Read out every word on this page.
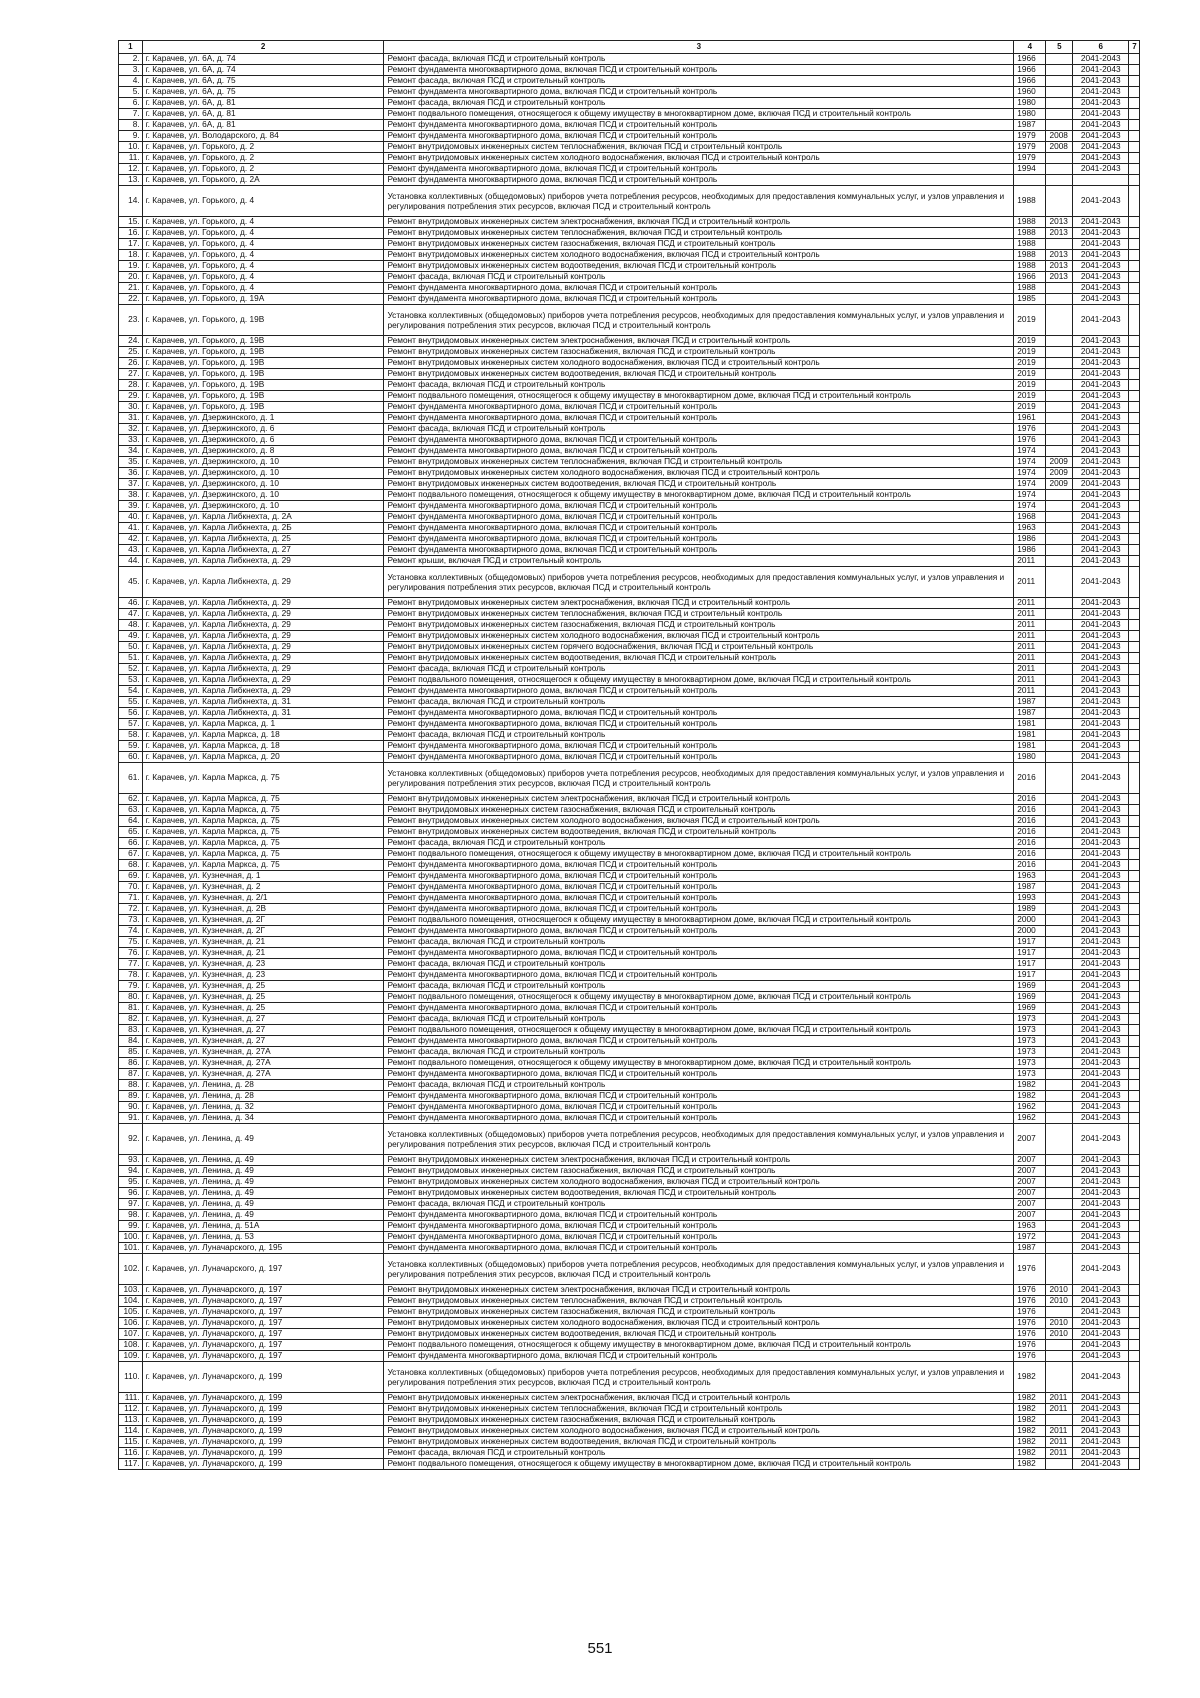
1	2	3	4	5	6	7
2.	г. Карачев, ул. 6А, д. 74	Ремонт фасада, включая ПСД и строительный контроль	1966		2041-2043	
3.	г. Карачев, ул. 6А, д. 74	Ремонт фундамента многоквартирного дома, включая ПСД и строительный контроль	1966		2041-2043	
4.	г. Карачев, ул. 6А, д. 75	Ремонт фасада, включая ПСД и строительный контроль	1966		2041-2043	
5.	г. Карачев, ул. 6А, д. 75	Ремонт фундамента многоквартирного дома, включая ПСД и строительный контроль	1960		2041-2043	
6.	г. Карачев, ул. 6А, д. 81	Ремонт фасада, включая ПСД и строительный контроль	1980		2041-2043	
7.	г. Карачев, ул. 6А, д. 81	Ремонт подвального помещения, относящегося к общему имуществу в многоквартирном доме, включая ПСД и строительный контроль	1980		2041-2043	
8.	г. Карачев, ул. 6А, д. 81	Ремонт фундамента многоквартирного дома, включая ПСД и строительный контроль	1987		2041-2043	
9.	г. Карачев, ул. Володарского, д. 84	Ремонт фундамента многоквартирного дома, включая ПСД и строительный контроль	1979	2008	2041-2043	
10.	г. Карачев, ул. Горького, д. 2	Ремонт внутридомовых инженерных систем теплоснабжения, включая ПСД и строительный контроль	1979	2008	2041-2043	
11.	г. Карачев, ул. Горького, д. 2	Ремонт внутридомовых инженерных систем холодного водоснабжения, включая ПСД и строительный контроль	1979		2041-2043	
12.	г. Карачев, ул. Горького, д. 2	Ремонт фундамента многоквартирного дома, включая ПСД и строительный контроль	1994		2041-2043	
13.	г. Карачев, ул. Горького, д. 2А	Ремонт фундамента многоквартирного дома, включая ПСД и строительный контроль				
14.	г. Карачев, ул. Горького, д. 4	Установка коллективных (общедомовых) приборов учета потребления ресурсов, необходимых для предоставления коммунальных услуг, и узлов управления и регулирования потребления этих ресурсов, включая ПСД и строительный контроль	1988		2041-2043	
15.	г. Карачев, ул. Горького, д. 4	Ремонт внутридомовых инженерных систем электроснабжения, включая ПСД и строительный контроль	1988	2013	2041-2043	
16.	г. Карачев, ул. Горького, д. 4	Ремонт внутридомовых инженерных систем теплоснабжения, включая ПСД и строительный контроль	1988	2013	2041-2043	
17.	г. Карачев, ул. Горького, д. 4	Ремонт внутридомовых инженерных систем газоснабжения, включая ПСД и строительный контроль	1988		2041-2043	
18.	г. Карачев, ул. Горького, д. 4	Ремонт внутридомовых инженерных систем холодного водоснабжения, включая ПСД и строительный контроль	1988	2013	2041-2043	
19.	г. Карачев, ул. Горького, д. 4	Ремонт внутридомовых инженерных систем водоотведения, включая ПСД и строительный контроль	1988	2013	2041-2043	
20.	г. Карачев, ул. Горького, д. 4	Ремонт фасада, включая ПСД и строительный контроль	1966	2013	2041-2043	
21.	г. Карачев, ул. Горького, д. 4	Ремонт фундамента многоквартирного дома, включая ПСД и строительный контроль	1988		2041-2043	
22.	г. Карачев, ул. Горького, д. 19А	Ремонт фундамента многоквартирного дома, включая ПСД и строительный контроль	1985		2041-2043	
23.	г. Карачев, ул. Горького, д. 19В	Установка коллективных (общедомовых) приборов учета потребления ресурсов, необходимых для предоставления коммунальных услуг, и узлов управления и регулирования потребления этих ресурсов, включая ПСД и строительный контроль	2019		2041-2043	
24.	г. Карачев, ул. Горького, д. 19В	Ремонт внутридомовых инженерных систем электроснабжения, включая ПСД и строительный контроль	2019		2041-2043	
25.	г. Карачев, ул. Горького, д. 19В	Ремонт внутридомовых инженерных систем газоснабжения, включая ПСД и строительный контроль	2019		2041-2043	
26.	г. Карачев, ул. Горького, д. 19В	Ремонт внутридомовых инженерных систем холодного водоснабжения, включая ПСД и строительный контроль	2019		2041-2043	
27.	г. Карачев, ул. Горького, д. 19В	Ремонт внутридомовых инженерных систем водоотведения, включая ПСД и строительный контроль	2019		2041-2043	
28.	г. Карачев, ул. Горького, д. 19В	Ремонт фасада, включая ПСД и строительный контроль	2019		2041-2043	
29.	г. Карачев, ул. Горького, д. 19В	Ремонт подвального помещения, относящегося к общему имуществу в многоквартирном доме, включая ПСД и строительный контроль	2019		2041-2043	
30.	г. Карачев, ул. Горького, д. 19В	Ремонт фундамента многоквартирного дома, включая ПСД и строительный контроль	2019		2041-2043	
31.	г. Карачев, ул. Дзержинского, д. 1	Ремонт фундамента многоквартирного дома, включая ПСД и строительный контроль	1961		2041-2043	
32.	г. Карачев, ул. Дзержинского, д. 6	Ремонт фасада, включая ПСД и строительный контроль	1976		2041-2043	
33.	г. Карачев, ул. Дзержинского, д. 6	Ремонт фундамента многоквартирного дома, включая ПСД и строительный контроль	1976		2041-2043	
34.	г. Карачев, ул. Дзержинского, д. 8	Ремонт фундамента многоквартирного дома, включая ПСД и строительный контроль	1974		2041-2043	
35.	г. Карачев, ул. Дзержинского, д. 10	Ремонт внутридомовых инженерных систем теплоснабжения, включая ПСД и строительный контроль	1974	2009	2041-2043	
36.	г. Карачев, ул. Дзержинского, д. 10	Ремонт внутридомовых инженерных систем холодного водоснабжения, включая ПСД и строительный контроль	1974	2009	2041-2043	
37.	г. Карачев, ул. Дзержинского, д. 10	Ремонт внутридомовых инженерных систем водоотведения, включая ПСД и строительный контроль	1974	2009	2041-2043	
38.	г. Карачев, ул. Дзержинского, д. 10	Ремонт подвального помещения, относящегося к общему имуществу в многоквартирном доме, включая ПСД и строительный контроль	1974		2041-2043	
39.	г. Карачев, ул. Дзержинского, д. 10	Ремонт фундамента многоквартирного дома, включая ПСД и строительный контроль	1974		2041-2043	
40.	г. Карачев, ул. Карла Либкнехта, д. 2А	Ремонт фундамента многоквартирного дома, включая ПСД и строительный контроль	1968		2041-2043	
41.	г. Карачев, ул. Карла Либкнехта, д. 2Б	Ремонт фундамента многоквартирного дома, включая ПСД и строительный контроль	1963		2041-2043	
42.	г. Карачев, ул. Карла Либкнехта, д. 25	Ремонт фундамента многоквартирного дома, включая ПСД и строительный контроль	1986		2041-2043	
43.	г. Карачев, ул. Карла Либкнехта, д. 27	Ремонт фундамента многоквартирного дома, включая ПСД и строительный контроль	1986		2041-2043	
44.	г. Карачев, ул. Карла Либкнехта, д. 29	Ремонт крыши, включая ПСД и строительный контроль	2011		2041-2043	
45.	г. Карачев, ул. Карла Либкнехта, д. 29	Установка коллективных (общедомовых) приборов учета потребления ресурсов, необходимых для предоставления коммунальных услуг, и узлов управления и регулирования потребления этих ресурсов, включая ПСД и строительный контроль	2011		2041-2043	
46.	г. Карачев, ул. Карла Либкнехта, д. 29	Ремонт внутридомовых инженерных систем электроснабжения, включая ПСД и строительный контроль	2011		2041-2043	
47.	г. Карачев, ул. Карла Либкнехта, д. 29	Ремонт внутридомовых инженерных систем теплоснабжения, включая ПСД и строительный контроль	2011		2041-2043	
48.	г. Карачев, ул. Карла Либкнехта, д. 29	Ремонт внутридомовых инженерных систем газоснабжения, включая ПСД и строительный контроль	2011		2041-2043	
49.	г. Карачев, ул. Карла Либкнехта, д. 29	Ремонт внутридомовых инженерных систем холодного водоснабжения, включая ПСД и строительный контроль	2011		2041-2043	
50.	г. Карачев, ул. Карла Либкнехта, д. 29	Ремонт внутридомовых инженерных систем горячего водоснабжения, включая ПСД и строительный контроль	2011		2041-2043	
51.	г. Карачев, ул. Карла Либкнехта, д. 29	Ремонт внутридомовых инженерных систем водоотведения, включая ПСД и строительный контроль	2011		2041-2043	
52.	г. Карачев, ул. Карла Либкнехта, д. 29	Ремонт фасада, включая ПСД и строительный контроль	2011		2041-2043	
53.	г. Карачев, ул. Карла Либкнехта, д. 29	Ремонт подвального помещения, относящегося к общему имуществу в многоквартирном доме, включая ПСД и строительный контроль	2011		2041-2043	
54.	г. Карачев, ул. Карла Либкнехта, д. 29	Ремонт фундамента многоквартирного дома, включая ПСД и строительный контроль	2011		2041-2043	
55.	г. Карачев, ул. Карла Либкнехта, д. 31	Ремонт фасада, включая ПСД и строительный контроль	1987		2041-2043	
56.	г. Карачев, ул. Карла Либкнехта, д. 31	Ремонт фундамента многоквартирного дома, включая ПСД и строительный контроль	1987		2041-2043	
57.	г. Карачев, ул. Карла Маркса, д. 1	Ремонт фундамента многоквартирного дома, включая ПСД и строительный контроль	1981		2041-2043	
58.	г. Карачев, ул. Карла Маркса, д. 18	Ремонт фасада, включая ПСД и строительный контроль	1981		2041-2043	
59.	г. Карачев, ул. Карла Маркса, д. 18	Ремонт фундамента многоквартирного дома, включая ПСД и строительный контроль	1981		2041-2043	
60.	г. Карачев, ул. Карла Маркса, д. 20	Ремонт фундамента многоквартирного дома, включая ПСД и строительный контроль	1980		2041-2043	
61.	г. Карачев, ул. Карла Маркса, д. 75	Установка коллективных (общедомовых) приборов учета потребления ресурсов, необходимых для предоставления коммунальных услуг, и узлов управления и регулирования потребления этих ресурсов, включая ПСД и строительный контроль	2016		2041-2043	
62.	г. Карачев, ул. Карла Маркса, д. 75	Ремонт внутридомовых инженерных систем электроснабжения, включая ПСД и строительный контроль	2016		2041-2043	
63.	г. Карачев, ул. Карла Маркса, д. 75	Ремонт внутридомовых инженерных систем газоснабжения, включая ПСД и строительный контроль	2016		2041-2043	
64.	г. Карачев, ул. Карла Маркса, д. 75	Ремонт внутридомовых инженерных систем холодного водоснабжения, включая ПСД и строительный контроль	2016		2041-2043	
65.	г. Карачев, ул. Карла Маркса, д. 75	Ремонт внутридомовых инженерных систем водоотведения, включая ПСД и строительный контроль	2016		2041-2043	
66.	г. Карачев, ул. Карла Маркса, д. 75	Ремонт фасада, включая ПСД и строительный контроль	2016		2041-2043	
67.	г. Карачев, ул. Карла Маркса, д. 75	Ремонт подвального помещения, относящегося к общему имуществу в многоквартирном доме, включая ПСД и строительный контроль	2016		2041-2043	
68.	г. Карачев, ул. Карла Маркса, д. 75	Ремонт фундамента многоквартирного дома, включая ПСД и строительный контроль	2016		2041-2043	
69.	г. Карачев, ул. Кузнечная, д. 1	Ремонт фундамента многоквартирного дома, включая ПСД и строительный контроль	1963		2041-2043	
70.	г. Карачев, ул. Кузнечная, д. 2	Ремонт фундамента многоквартирного дома, включая ПСД и строительный контроль	1987		2041-2043	
71.	г. Карачев, ул. Кузнечная, д. 2/1	Ремонт фундамента многоквартирного дома, включая ПСД и строительный контроль	1993		2041-2043	
72.	г. Карачев, ул. Кузнечная, д. 2В	Ремонт фундамента многоквартирного дома, включая ПСД и строительный контроль	1989		2041-2043	
73.	г. Карачев, ул. Кузнечная, д. 2Г	Ремонт подвального помещения, относящегося к общему имуществу в многоквартирном доме, включая ПСД и строительный контроль	2000		2041-2043	
74.	г. Карачев, ул. Кузнечная, д. 2Г	Ремонт фундамента многоквартирного дома, включая ПСД и строительный контроль	2000		2041-2043	
75.	г. Карачев, ул. Кузнечная, д. 21	Ремонт фасада, включая ПСД и строительный контроль	1917		2041-2043	
76.	г. Карачев, ул. Кузнечная, д. 21	Ремонт фундамента многоквартирного дома, включая ПСД и строительный контроль	1917		2041-2043	
77.	г. Карачев, ул. Кузнечная, д. 23	Ремонт фасада, включая ПСД и строительный контроль	1917		2041-2043	
78.	г. Карачев, ул. Кузнечная, д. 23	Ремонт фундамента многоквартирного дома, включая ПСД и строительный контроль	1917		2041-2043	
79.	г. Карачев, ул. Кузнечная, д. 25	Ремонт фасада, включая ПСД и строительный контроль	1969		2041-2043	
80.	г. Карачев, ул. Кузнечная, д. 25	Ремонт подвального помещения, относящегося к общему имуществу в многоквартирном доме, включая ПСД и строительный контроль	1969		2041-2043	
81.	г. Карачев, ул. Кузнечная, д. 25	Ремонт фундамента многоквартирного дома, включая ПСД и строительный контроль	1969		2041-2043	
82.	г. Карачев, ул. Кузнечная, д. 27	Ремонт фасада, включая ПСД и строительный контроль	1973		2041-2043	
83.	г. Карачев, ул. Кузнечная, д. 27	Ремонт подвального помещения, относящегося к общему имуществу в многоквартирном доме, включая ПСД и строительный контроль	1973		2041-2043	
84.	г. Карачев, ул. Кузнечная, д. 27	Ремонт фундамента многоквартирного дома, включая ПСД и строительный контроль	1973		2041-2043	
85.	г. Карачев, ул. Кузнечная, д. 27А	Ремонт фасада, включая ПСД и строительный контроль	1973		2041-2043	
86.	г. Карачев, ул. Кузнечная, д. 27А	Ремонт подвального помещения, относящегося к общему имуществу в многоквартирном доме, включая ПСД и строительный контроль	1973		2041-2043	
87.	г. Карачев, ул. Кузнечная, д. 27А	Ремонт фундамента многоквартирного дома, включая ПСД и строительный контроль	1973		2041-2043	
88.	г. Карачев, ул. Ленина, д. 28	Ремонт фасада, включая ПСД и строительный контроль	1982		2041-2043	
89.	г. Карачев, ул. Ленина, д. 28	Ремонт фундамента многоквартирного дома, включая ПСД и строительный контроль	1982		2041-2043	
90.	г. Карачев, ул. Ленина, д. 32	Ремонт фундамента многоквартирного дома, включая ПСД и строительный контроль	1962		2041-2043	
91.	г. Карачев, ул. Ленина, д. 34	Ремонт фундамента многоквартирного дома, включая ПСД и строительный контроль	1962		2041-2043	
92.	г. Карачев, ул. Ленина, д. 49	Установка коллективных (общедомовых) приборов учета потребления ресурсов, необходимых для предоставления коммунальных услуг, и узлов управления и регулирования потребления этих ресурсов, включая ПСД и строительный контроль	2007		2041-2043	
93.	г. Карачев, ул. Ленина, д. 49	Ремонт внутридомовых инженерных систем электроснабжения, включая ПСД и строительный контроль	2007		2041-2043	
94.	г. Карачев, ул. Ленина, д. 49	Ремонт внутридомовых инженерных систем газоснабжения, включая ПСД и строительный контроль	2007		2041-2043	
95.	г. Карачев, ул. Ленина, д. 49	Ремонт внутридомовых инженерных систем холодного водоснабжения, включая ПСД и строительный контроль	2007		2041-2043	
96.	г. Карачев, ул. Ленина, д. 49	Ремонт внутридомовых инженерных систем водоотведения, включая ПСД и строительный контроль	2007		2041-2043	
97.	г. Карачев, ул. Ленина, д. 49	Ремонт фасада, включая ПСД и строительный контроль	2007		2041-2043	
98.	г. Карачев, ул. Ленина, д. 49	Ремонт фундамента многоквартирного дома, включая ПСД и строительный контроль	2007		2041-2043	
99.	г. Карачев, ул. Ленина, д. 51А	Ремонт фундамента многоквартирного дома, включая ПСД и строительный контроль	1963		2041-2043	
100.	г. Карачев, ул. Ленина, д. 53	Ремонт фундамента многоквартирного дома, включая ПСД и строительный контроль	1972		2041-2043	
101.	г. Карачев, ул. Луначарского, д. 195	Ремонт фундамента многоквартирного дома, включая ПСД и строительный контроль	1987		2041-2043	
102.	г. Карачев, ул. Луначарского, д. 197	Установка коллективных (общедомовых) приборов учета потребления ресурсов, необходимых для предоставления коммунальных услуг, и узлов управления и регулирования потребления этих ресурсов, включая ПСД и строительный контроль	1976		2041-2043	
103.	г. Карачев, ул. Луначарского, д. 197	Ремонт внутридомовых инженерных систем электроснабжения, включая ПСД и строительный контроль	1976	2010	2041-2043	
104.	г. Карачев, ул. Луначарского, д. 197	Ремонт внутридомовых инженерных систем теплоснабжения, включая ПСД и строительный контроль	1976	2010	2041-2043	
105.	г. Карачев, ул. Луначарского, д. 197	Ремонт внутридомовых инженерных систем газоснабжения, включая ПСД и строительный контроль	1976		2041-2043	
106.	г. Карачев, ул. Луначарского, д. 197	Ремонт внутридомовых инженерных систем холодного водоснабжения, включая ПСД и строительный контроль	1976	2010	2041-2043	
107.	г. Карачев, ул. Луначарского, д. 197	Ремонт внутридомовых инженерных систем водоотведения, включая ПСД и строительный контроль	1976	2010	2041-2043	
108.	г. Карачев, ул. Луначарского, д. 197	Ремонт подвального помещения, относящегося к общему имуществу в многоквартирном доме, включая ПСД и строительный контроль	1976		2041-2043	
109.	г. Карачев, ул. Луначарского, д. 197	Ремонт фундамента многоквартирного дома, включая ПСД и строительный контроль	1976		2041-2043	
110.	г. Карачев, ул. Луначарского, д. 199	Установка коллективных (общедомовых) приборов учета потребления ресурсов, необходимых для предоставления коммунальных услуг, и узлов управления и регулирования потребления этих ресурсов, включая ПСД и строительный контроль	1982		2041-2043	
111.	г. Карачев, ул. Луначарского, д. 199	Ремонт внутридомовых инженерных систем электроснабжения, включая ПСД и строительный контроль	1982	2011	2041-2043	
112.	г. Карачев, ул. Луначарского, д. 199	Ремонт внутридомовых инженерных систем теплоснабжения, включая ПСД и строительный контроль	1982	2011	2041-2043	
113.	г. Карачев, ул. Луначарского, д. 199	Ремонт внутридомовых инженерных систем газоснабжения, включая ПСД и строительный контроль	1982		2041-2043	
114.	г. Карачев, ул. Луначарского, д. 199	Ремонт внутридомовых инженерных систем холодного водоснабжения, включая ПСД и строительный контроль	1982	2011	2041-2043	
115.	г. Карачев, ул. Луначарского, д. 199	Ремонт внутридомовых инженерных систем водоотведения, включая ПСД и строительный контроль	1982	2011	2041-2043	
116.	г. Карачев, ул. Луначарского, д. 199	Ремонт фасада, включая ПСД и строительный контроль	1982	2011	2041-2043	
117.	г. Карачев, ул. Луначарского, д. 199	Ремонт подвального помещения, относящегося к общему имуществу в многоквартирном доме, включая ПСД и строительный контроль	1982		2041-2043	
551
